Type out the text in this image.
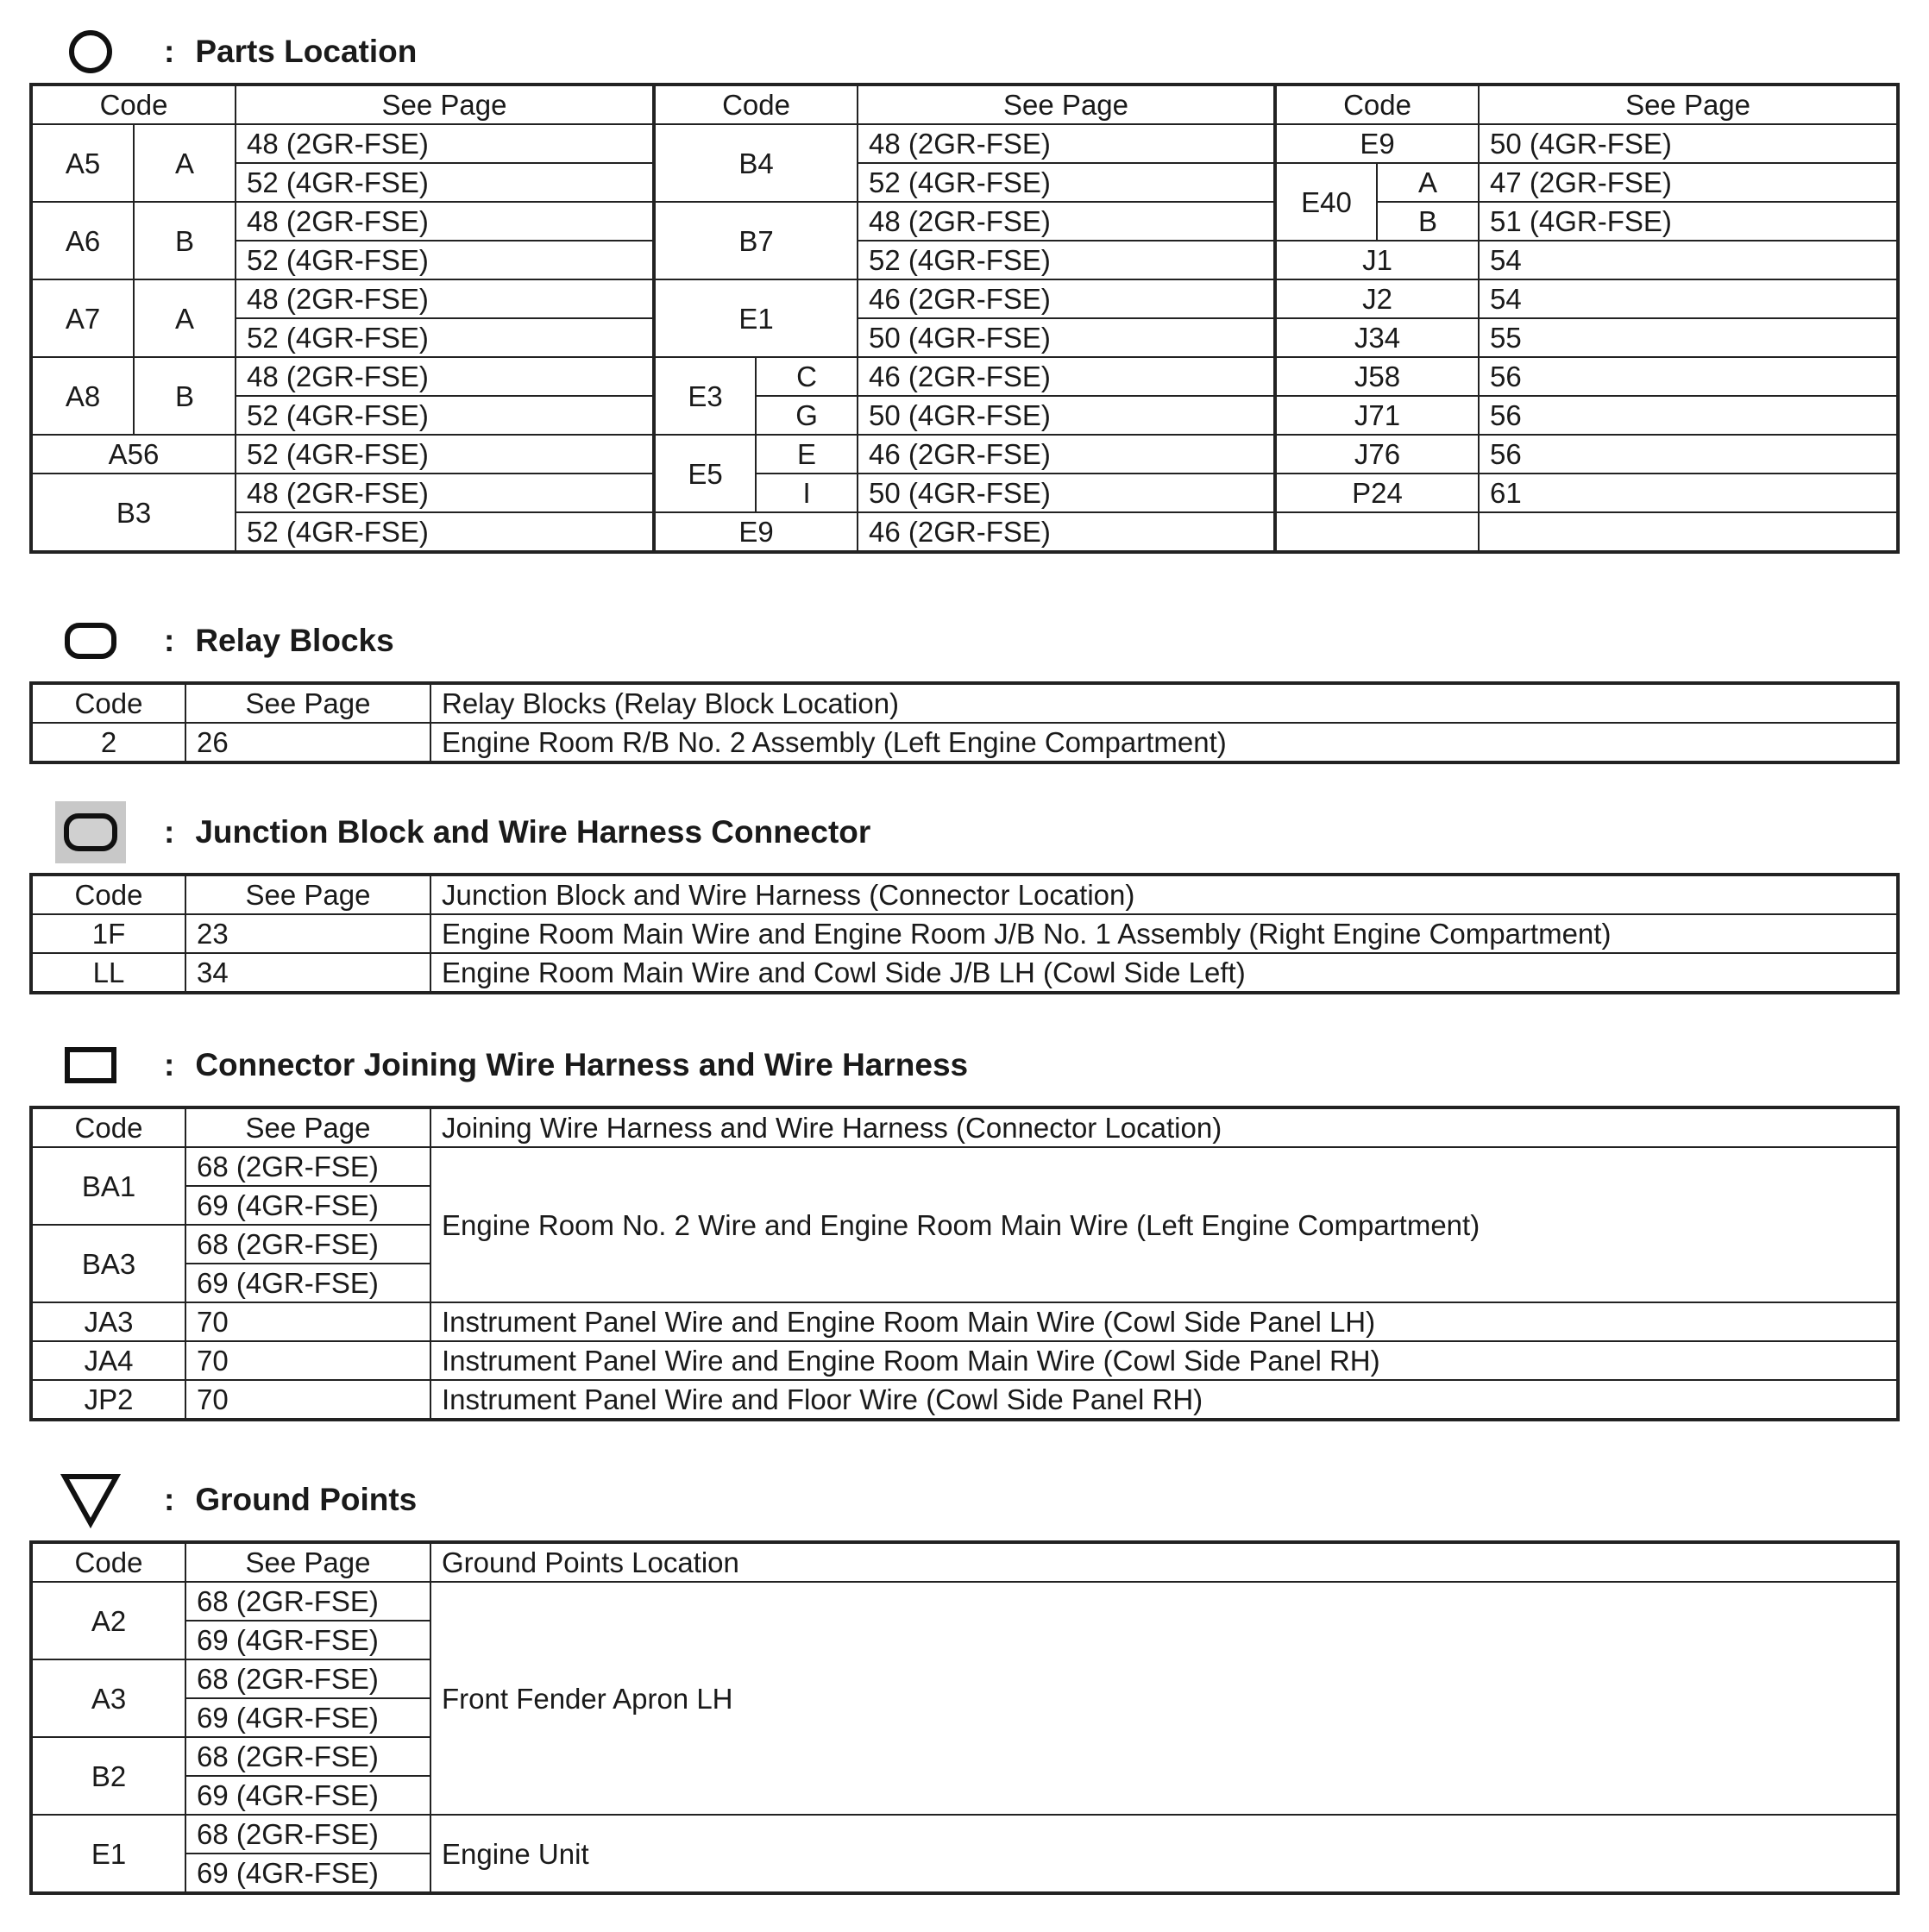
: Parts Location
Code		See Page	Code		See Page	Code		See Page
A5	A	48 (2GR-FSE)	B4		48 (2GR-FSE)	E9		50 (4GR-FSE)
		52 (4GR-FSE)			52 (4GR-FSE)	E40	A	47 (2GR-FSE)
A6	B	48 (2GR-FSE)	B7		48 (2GR-FSE)		B	51 (4GR-FSE)
		52 (4GR-FSE)			52 (4GR-FSE)	J1		54
A7	A	48 (2GR-FSE)	E1		46 (2GR-FSE)	J2		54
		52 (4GR-FSE)			50 (4GR-FSE)	J34		55
A8	B	48 (2GR-FSE)	E3	C	46 (2GR-FSE)	J58		56
		52 (4GR-FSE)		G	50 (4GR-FSE)	J71		56
A56		52 (4GR-FSE)	E5	E	46 (2GR-FSE)	J76		56
B3		48 (2GR-FSE)		I	50 (4GR-FSE)	P24		61
		52 (4GR-FSE)	E9		46 (2GR-FSE)			
: Relay Blocks
Code	See Page	Relay Blocks (Relay Block Location)
2	26	Engine Room R/B No. 2 Assembly (Left Engine Compartment)
: Junction Block and Wire Harness Connector
Code	See Page	Junction Block and Wire Harness (Connector Location)
1F	23	Engine Room Main Wire and Engine Room J/B No. 1 Assembly (Right Engine Compartment)
LL	34	Engine Room Main Wire and Cowl Side J/B LH (Cowl Side Left)
: Connector Joining Wire Harness and Wire Harness
Code	See Page	Joining Wire Harness and Wire Harness (Connector Location)
BA1	68 (2GR-FSE)	Engine Room No. 2 Wire and Engine Room Main Wire (Left Engine Compartment)
	69 (4GR-FSE)	
BA3	68 (2GR-FSE)	
	69 (4GR-FSE)	
JA3	70	Instrument Panel Wire and Engine Room Main Wire (Cowl Side Panel LH)
JA4	70	Instrument Panel Wire and Engine Room Main Wire (Cowl Side Panel RH)
JP2	70	Instrument Panel Wire and Floor Wire (Cowl Side Panel RH)
: Ground Points
Code	See Page	Ground Points Location
A2	68 (2GR-FSE)	Front Fender Apron LH
	69 (4GR-FSE)	
A3	68 (2GR-FSE)	
	69 (4GR-FSE)	
B2	68 (2GR-FSE)	
	69 (4GR-FSE)	
E1	68 (2GR-FSE)	Engine Unit
	69 (4GR-FSE)	
